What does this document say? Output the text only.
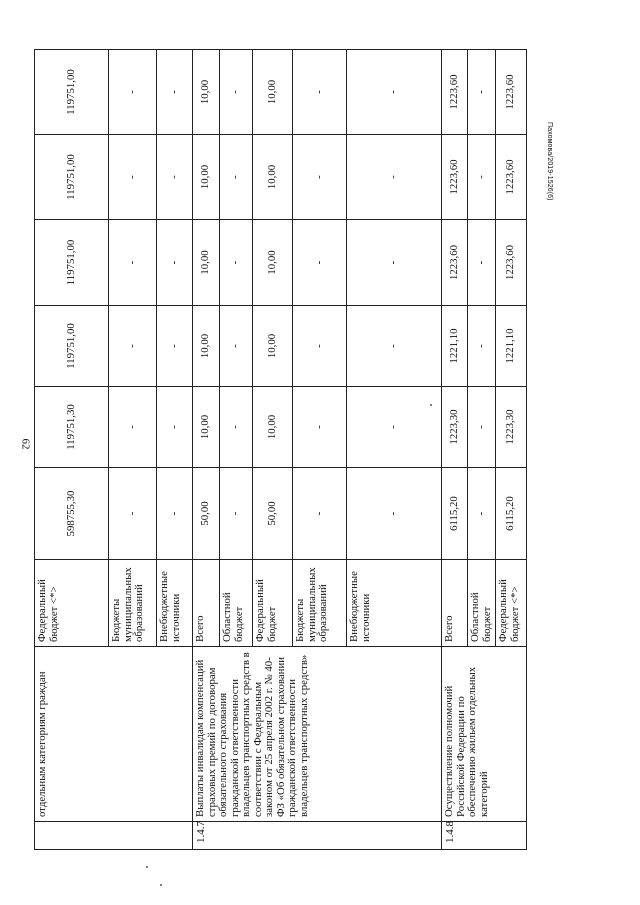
62
Пахомова/2019-1526(6)
	отдельным категориям граждан	Федеральный бюджет <*>	598755,30	119751,30	119751,00	119751,00	119751,00	119751,00
		Бюджеты муниципальных образований	-	-	-	-	-	-
		Внебюджетные источники	-	-	-	-	-	-
1.4.7	Выплаты инвалидам компенсаций страховых премий по договорам обязательного страхования гражданской ответственности владельцев транспортных средств в соответствии с Федеральным законом от 25 апреля 2002 г. № 40-ФЗ «Об обязательном страховании гражданской ответственности владельцев транспортных средств»	Всего	50,00	10,00	10,00	10,00	10,00	10,00
		Областной бюджет	-	-	-	-	-	-
		Федеральный бюджет	50,00	10,00	10,00	10,00	10,00	10,00
		Бюджеты муниципальных образований	-	-	-	-	-	-
		Внебюджетные источники	-	-	-	-	-	-
1.4.8	Осуществление полномочий Российской Федерации по обеспечению жильем отдельных категорий	Всего	6115,20	1223,30	1221,10	1223,60	1223,60	1223,60
		Областной бюджет	-	-	-	-	-	-
		Федеральный бюджет <*>	6115,20	1223,30	1221,10	1223,60	1223,60	1223,60
